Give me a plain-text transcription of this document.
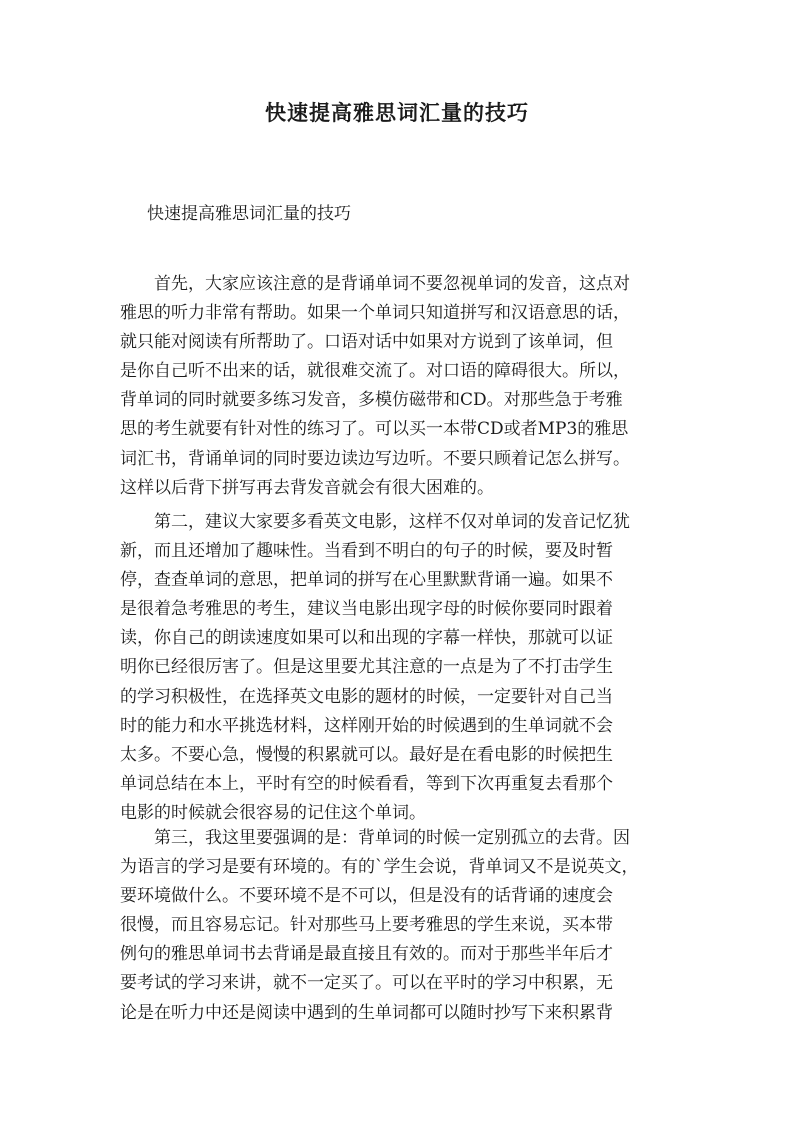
快速提高雅思词汇量的技巧
快速提高雅思词汇量的技巧
　　首先，大家应该注意的是背诵单词不要忽视单词的发音，这点对
雅思的听力非常有帮助。如果一个单词只知道拼写和汉语意思的话，
就只能对阅读有所帮助了。口语对话中如果对方说到了该单词，但
是你自己听不出来的话，就很难交流了。对口语的障碍很大。所以，
背单词的同时就要多练习发音，多模仿磁带和CD。对那些急于考雅
思的考生就要有针对性的练习了。可以买一本带CD或者MP3的雅思
词汇书，背诵单词的同时要边读边写边听。不要只顾着记怎么拼写。
这样以后背下拼写再去背发音就会有很大困难的。
　　第二，建议大家要多看英文电影，这样不仅对单词的发音记忆犹
新，而且还增加了趣味性。当看到不明白的句子的时候，要及时暂
停，查查单词的意思，把单词的拼写在心里默默背诵一遍。如果不
是很着急考雅思的考生，建议当电影出现字母的时候你要同时跟着
读，你自己的朗读速度如果可以和出现的字幕一样快，那就可以证
明你已经很厉害了。但是这里要尤其注意的一点是为了不打击学生
的学习积极性，在选择英文电影的题材的时候，一定要针对自己当
时的能力和水平挑选材料，这样刚开始的时候遇到的生单词就不会
太多。不要心急，慢慢的积累就可以。最好是在看电影的时候把生
单词总结在本上，平时有空的时候看看，等到下次再重复去看那个
电影的时候就会很容易的记住这个单词。
　　第三，我这里要强调的是：背单词的时候一定别孤立的去背。因
为语言的学习是要有环境的。有的`学生会说，背单词又不是说英文，
要环境做什么。不要环境不是不可以，但是没有的话背诵的速度会
很慢，而且容易忘记。针对那些马上要考雅思的学生来说，买本带
例句的雅思单词书去背诵是最直接且有效的。而对于那些半年后才
要考试的学习来讲，就不一定买了。可以在平时的学习中积累，无
论是在听力中还是阅读中遇到的生单词都可以随时抄写下来积累背
